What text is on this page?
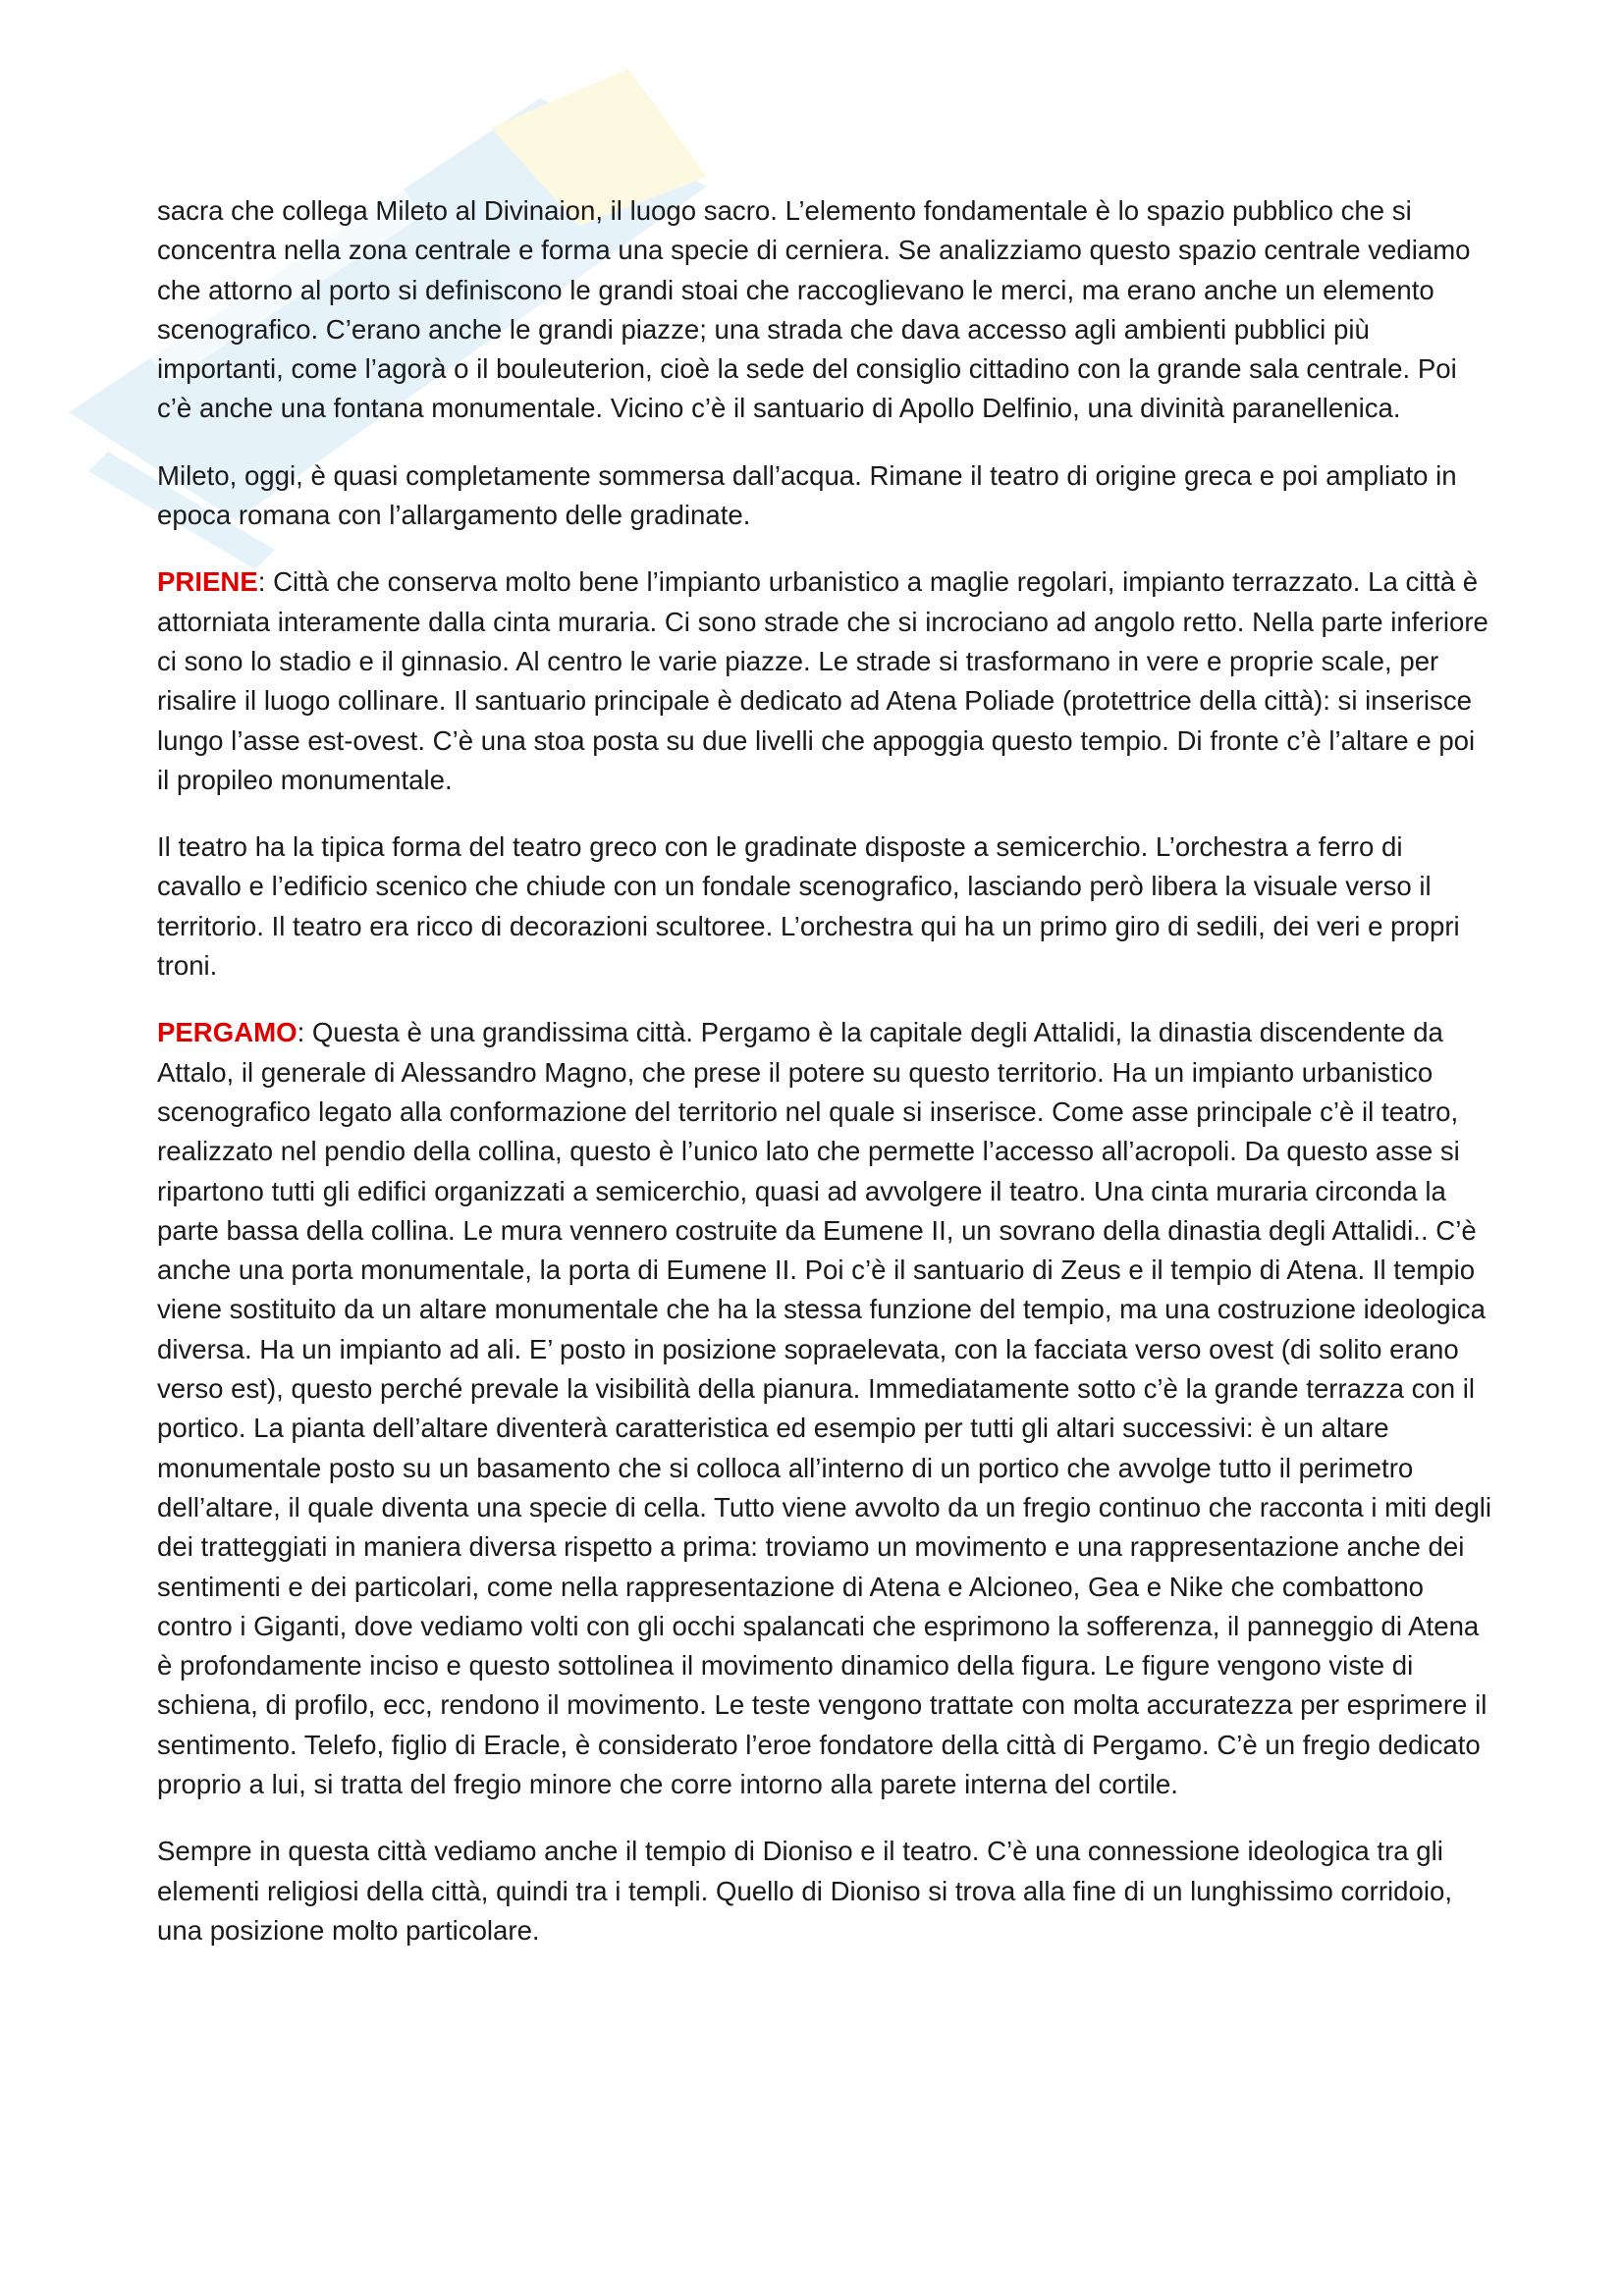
sacra che collega Mileto al Divinaion, il luogo sacro. L’elemento fondamentale è lo spazio pubblico che si concentra nella zona centrale e forma una specie di cerniera. Se analizziamo questo spazio centrale vediamo che attorno al porto si definiscono le grandi stoai che raccoglievano le merci, ma erano anche un elemento scenografico. C’erano anche le grandi piazze; una strada che dava accesso agli ambienti pubblici più importanti, come l’agorà o il bouleuterion, cioè la sede del consiglio cittadino con la grande sala centrale. Poi c’è anche una fontana monumentale. Vicino c’è il santuario di Apollo Delfinio, una divinità paranellenica.

Mileto, oggi, è quasi completamente sommersa dall’acqua. Rimane il teatro di origine greca e poi ampliato in epoca romana con l’allargamento delle gradinate.

PRIENE: Città che conserva molto bene l’impianto urbanistico a maglie regolari, impianto terrazzato. La città è attorniata interamente dalla cinta muraria. Ci sono strade che si incrociano ad angolo retto. Nella parte inferiore ci sono lo stadio e il ginnasio. Al centro le varie piazze. Le strade si trasformano in vere e proprie scale, per risalire il luogo collinare. Il santuario principale è dedicato ad Atena Poliade (protettrice della città): si inserisce lungo l’asse est-ovest. C’è una stoa posta su due livelli che appoggia questo tempio. Di fronte c’è l’altare e poi il propileo monumentale.

Il teatro ha la tipica forma del teatro greco con le gradinate disposte a semicerchio. L’orchestra a ferro di cavallo e l’edificio scenico che chiude con un fondale scenografico, lasciando però libera la visuale verso il territorio. Il teatro era ricco di decorazioni scultoree. L’orchestra qui ha un primo giro di sedili, dei veri e propri troni.

PERGAMO: Questa è una grandissima città. Pergamo è la capitale degli Attalidi, la dinastia discendente da Attalo, il generale di Alessandro Magno, che prese il potere su questo territorio. Ha un impianto urbanistico scenografico legato alla conformazione del territorio nel quale si inserisce. Come asse principale c’è il teatro, realizzato nel pendio della collina, questo è l’unico lato che permette l’accesso all’acropoli. Da questo asse si ripartono tutti gli edifici organizzati a semicerchio, quasi ad avvolgere il teatro. Una cinta muraria circonda la parte bassa della collina. Le mura vennero costruite da Eumene II, un sovrano della dinastia degli Attalidi.. C’è anche una porta monumentale, la porta di Eumene II. Poi c’è il santuario di Zeus e il tempio di Atena. Il tempio viene sostituito da un altare monumentale che ha la stessa funzione del tempio, ma una costruzione ideologica diversa. Ha un impianto ad ali. E’ posto in posizione sopraelevata, con la facciata verso ovest (di solito erano verso est), questo perché prevale la visibilità della pianura. Immediatamente sotto c’è la grande terrazza con il portico. La pianta dell’altare diventerà caratteristica ed esempio per tutti gli altari successivi: è un altare monumentale posto su un basamento che si colloca all’interno di un portico che avvolge tutto il perimetro dell’altare, il quale diventa una specie di cella. Tutto viene avvolto da un fregio continuo che racconta i miti degli dei tratteggiati in maniera diversa rispetto a prima: troviamo un movimento e una rappresentazione anche dei sentimenti e dei particolari, come nella rappresentazione di Atena e Alcioneo, Gea e Nike che combattono contro i Giganti, dove vediamo volti con gli occhi spalancati che esprimono la sofferenza, il panneggio di Atena è profondamente inciso e questo sottolinea il movimento dinamico della figura. Le figure vengono viste di schiena, di profilo, ecc, rendono il movimento. Le teste vengono trattate con molta accuratezza per esprimere il sentimento. Telefo, figlio di Eracle, è considerato l’eroe fondatore della città di Pergamo. C’è un fregio dedicato proprio a lui, si tratta del fregio minore che corre intorno alla parete interna del cortile.

Sempre in questa città vediamo anche il tempio di Dioniso e il teatro. C’è una connessione ideologica tra gli elementi religiosi della città, quindi tra i templi. Quello di Dioniso si trova alla fine di un lunghissimo corridoio, una posizione molto particolare.
